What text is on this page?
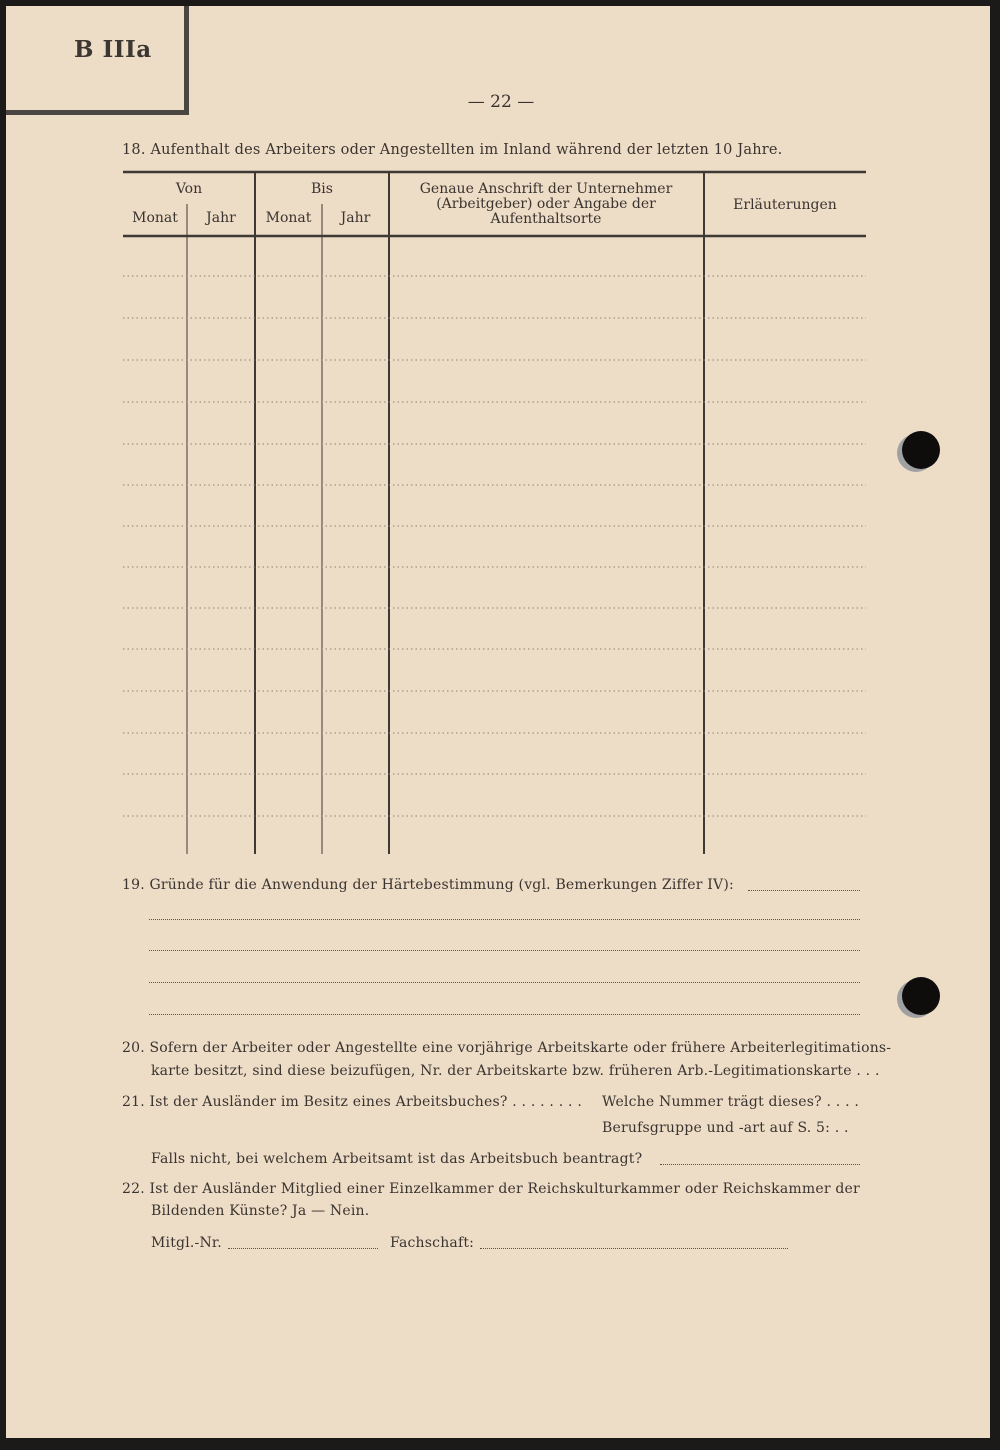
B IIIa
— 22 —
18. Aufenthalt des Arbeiters oder Angestellten im Inland während der letzten 10 Jahre.
Von
Monat	Jahr
Bis
Monat	Jahr
Genaue Anschrift der Unternehmer (Arbeitgeber) oder Angabe der Aufenthaltsorte
Erläuterungen
19. Gründe für die Anwendung der Härtebestimmung (vgl. Bemerkungen Ziffer IV):
20. Sofern der Arbeiter oder Angestellte eine vorjährige Arbeitskarte oder frühere Arbeiterlegitimations-
karte besitzt, sind diese beizufügen, Nr. der Arbeitskarte bzw. früheren Arb.-Legitimationskarte . . .
21. Ist der Ausländer im Besitz eines Arbeitsbuches? . . . . . . . . Welche Nummer trägt dieses? . . . .
Berufsgruppe und -art auf S. 5: . .
Falls nicht, bei welchem Arbeitsamt ist das Arbeitsbuch beantragt?
22. Ist der Ausländer Mitglied einer Einzelkammer der Reichskulturkammer oder Reichskammer der
Bildenden Künste? Ja — Nein.
Mitgl.-Nr.	Fachschaft:
